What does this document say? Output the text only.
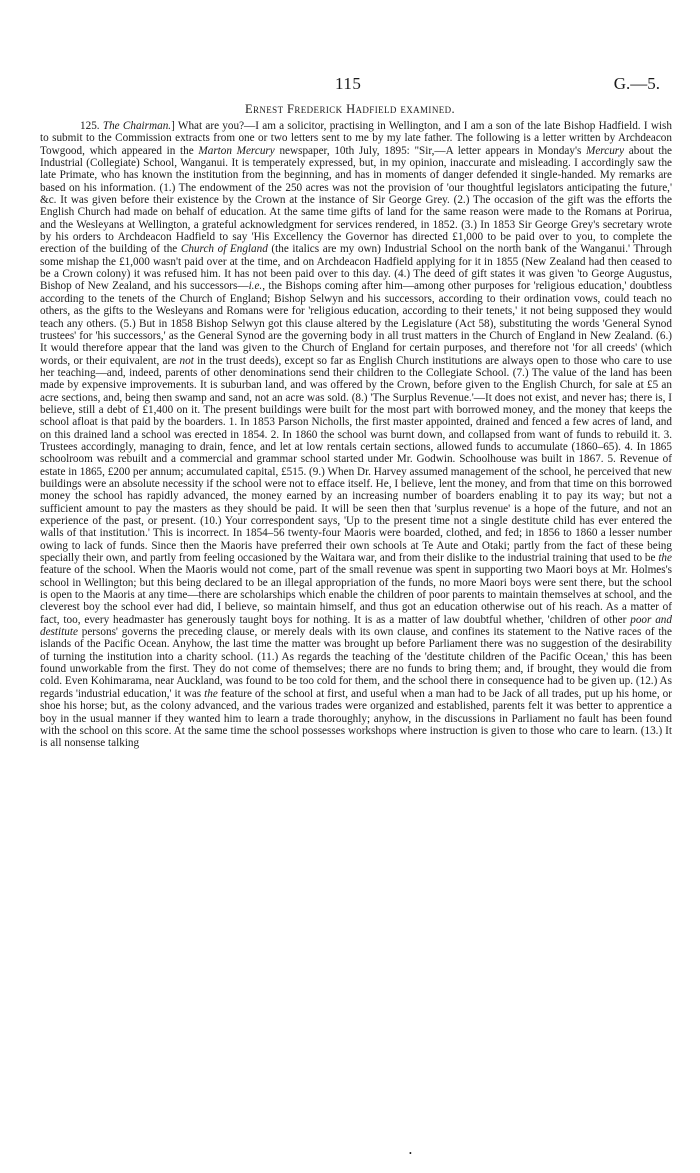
115	G.—5.
Ernest Frederick Hadfield examined.

125. The Chairman.] What are you?—I am a solicitor, practising in Wellington, and I am a son of the late Bishop Hadfield. I wish to submit to the Commission extracts from one or two letters sent to me by my late father. The following is a letter written by Archdeacon Towgood, which appeared in the Marton Mercury newspaper, 10th July, 1895: "Sir,—A letter appears in Monday's Mercury about the Industrial (Collegiate) School, Wanganui. It is temperately expressed, but, in my opinion, inaccurate and misleading. I accordingly saw the late Primate, who has known the institution from the beginning, and has in moments of danger defended it single-handed. My remarks are based on his information. (1.) The endowment of the 250 acres was not the provision of 'our thoughtful legislators anticipating the future,' &c. It was given before their existence by the Crown at the instance of Sir George Grey. (2.) The occasion of the gift was the efforts the English Church had made on behalf of education. At the same time gifts of land for the same reason were made to the Romans at Porirua, and the Wesleyans at Wellington, a grateful acknowledgment for services rendered, in 1852. (3.) In 1853 Sir George Grey's secretary wrote by his orders to Archdeacon Hadfield to say 'His Excellency the Governor has directed £1,000 to be paid over to you, to complete the erection of the building of the Church of England (the italics are my own) Industrial School on the north bank of the Wanganui.' Through some mishap the £1,000 wasn't paid over at the time, and on Archdeacon Hadfield applying for it in 1855 (New Zealand had then ceased to be a Crown colony) it was refused him. It has not been paid over to this day. (4.) The deed of gift states it was given 'to George Augustus, Bishop of New Zealand, and his successors—i.e., the Bishops coming after him—among other purposes for 'religious education,' doubtless according to the tenets of the Church of England; Bishop Selwyn and his successors, according to their ordination vows, could teach no others, as the gifts to the Wesleyans and Romans were for 'religious education, according to their tenets,' it not being supposed they would teach any others. (5.) But in 1858 Bishop Selwyn got this clause altered by the Legislature (Act 58), substituting the words 'General Synod trustees' for 'his successors,' as the General Synod are the governing body in all trust matters in the Church of England in New Zealand. (6.) It would therefore appear that the land was given to the Church of England for certain purposes, and therefore not 'for all creeds' (which words, or their equivalent, are not in the trust deeds), except so far as English Church institutions are always open to those who care to use her teaching—and, indeed, parents of other denominations send their children to the Collegiate School. (7.) The value of the land has been made by expensive improvements. It is suburban land, and was offered by the Crown, before given to the English Church, for sale at £5 an acre sections, and, being then swamp and sand, not an acre was sold. (8.) 'The Surplus Revenue.'—It does not exist, and never has; there is, I believe, still a debt of £1,400 on it. The present buildings were built for the most part with borrowed money, and the money that keeps the school afloat is that paid by the boarders. 1. In 1853 Parson Nicholls, the first master appointed, drained and fenced a few acres of land, and on this drained land a school was erected in 1854. 2. In 1860 the school was burnt down, and collapsed from want of funds to rebuild it. 3. Trustees accordingly, managing to drain, fence, and let at low rentals certain sections, allowed funds to accumulate (1860–65). 4. In 1865 schoolroom was rebuilt and a commercial and grammar school started under Mr. Godwin. Schoolhouse was built in 1867. 5. Revenue of estate in 1865, £200 per annum; accumulated capital, £515. (9.) When Dr. Harvey assumed management of the school, he perceived that new buildings were an absolute necessity if the school were not to efface itself. He, I believe, lent the money, and from that time on this borrowed money the school has rapidly advanced, the money earned by an increasing number of boarders enabling it to pay its way; but not a sufficient amount to pay the masters as they should be paid. It will be seen then that 'surplus revenue' is a hope of the future, and not an experience of the past, or present. (10.) Your correspondent says, 'Up to the present time not a single destitute child has ever entered the walls of that institution.' This is incorrect. In 1854–56 twenty-four Maoris were boarded, clothed, and fed; in 1856 to 1860 a lesser number owing to lack of funds. Since then the Maoris have preferred their own schools at Te Aute and Otaki; partly from the fact of these being specially their own, and partly from feeling occasioned by the Waitara war, and from their dislike to the industrial training that used to be the feature of the school. When the Maoris would not come, part of the small revenue was spent in supporting two Maori boys at Mr. Holmes's school in Wellington; but this being declared to be an illegal appropriation of the funds, no more Maori boys were sent there, but the school is open to the Maoris at any time—there are scholarships which enable the children of poor parents to maintain themselves at school, and the cleverest boy the school ever had did, I believe, so maintain himself, and thus got an education otherwise out of his reach. As a matter of fact, too, every headmaster has generously taught boys for nothing. It is as a matter of law doubtful whether, 'children of other poor and destitute persons' governs the preceding clause, or merely deals with its own clause, and confines its statement to the Native races of the islands of the Pacific Ocean. Anyhow, the last time the matter was brought up before Parliament there was no suggestion of the desirability of turning the institution into a charity school. (11.) As regards the teaching of the 'destitute children of the Pacific Ocean,' this has been found unworkable from the first. They do not come of themselves; there are no funds to bring them; and, if brought, they would die from cold. Even Kohimarama, near Auckland, was found to be too cold for them, and the school there in consequence had to be given up. (12.) As regards 'industrial education,' it was the feature of the school at first, and useful when a man had to be Jack of all trades, put up his home, or shoe his horse; but, as the colony advanced, and the various trades were organized and established, parents felt it was better to apprentice a boy in the usual manner if they wanted him to learn a trade thoroughly; anyhow, in the discussions in Parliament no fault has been found with the school on this score. At the same time the school possesses workshops where instruction is given to those who care to learn. (13.) It is all nonsense talking

•
